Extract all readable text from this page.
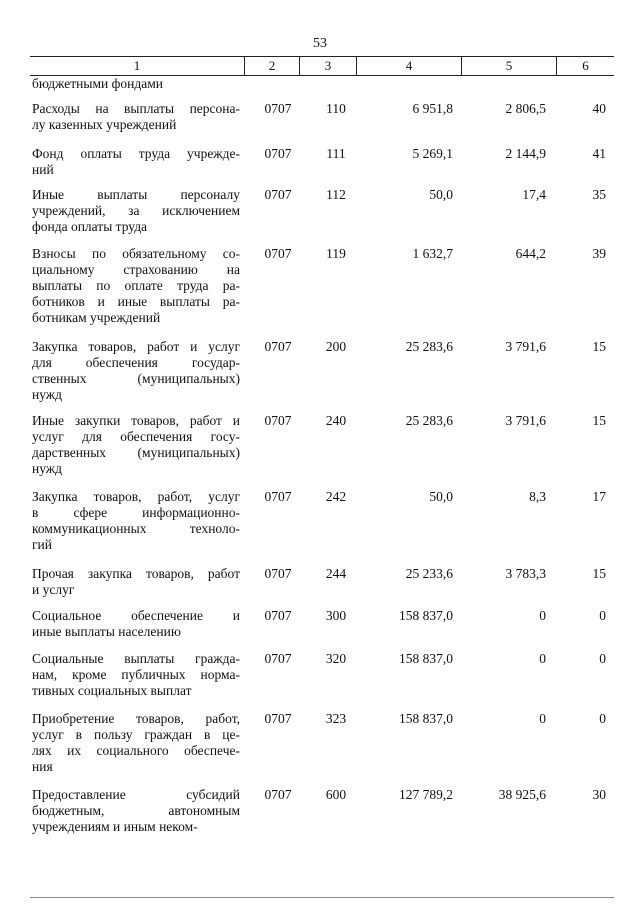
53
1	2	3	4	5	6
бюджетными фондами
Расходы на выплаты персона-
лу казенных учреждений
0707	110	6 951,8	2 806,5	40
Фонд оплаты труда учрежде-
ний
0707	111	5 269,1	2 144,9	41
Иные выплаты персоналу
учреждений, за исключением
фонда оплаты труда
0707	112	50,0	17,4	35
Взносы по обязательному со-
циальному страхованию на
выплаты по оплате труда ра-
ботников и иные выплаты ра-
ботникам учреждений
0707	119	1 632,7	644,2	39
Закупка товаров, работ и услуг
для обеспечения государ-
ственных (муниципальных)
нужд
0707	200	25 283,6	3 791,6	15
Иные закупки товаров, работ и
услуг для обеспечения госу-
дарственных (муниципальных)
нужд
0707	240	25 283,6	3 791,6	15
Закупка товаров, работ, услуг
в сфере информационно-
коммуникационных техноло-
гий
0707	242	50,0	8,3	17
Прочая закупка товаров, работ
и услуг
0707	244	25 233,6	3 783,3	15
Социальное обеспечение и
иные выплаты населению
0707	300	158 837,0	0	0
Социальные выплаты гражда-
нам, кроме публичных норма-
тивных социальных выплат
0707	320	158 837,0	0	0
Приобретение товаров, работ,
услуг в пользу граждан в це-
лях их социального обеспече-
ния
0707	323	158 837,0	0	0
Предоставление субсидий
бюджетным, автономным
учреждениям и иным неком-
0707	600	127 789,2	38 925,6	30
